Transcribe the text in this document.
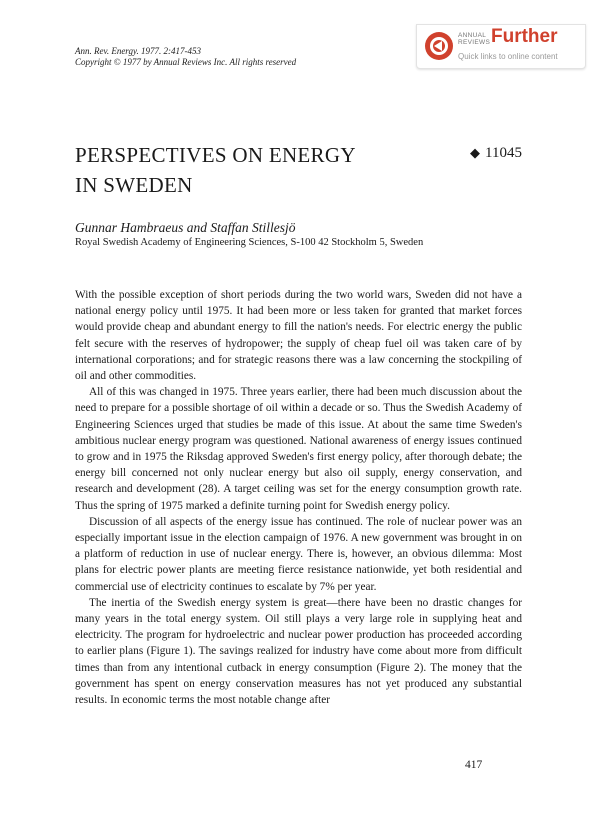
Ann. Rev. Energy. 1977. 2:417-453
Copyright © 1977 by Annual Reviews Inc. All rights reserved
ANNUAL
REVIEWS Further
Quick links to online content
PERSPECTIVES ON ENERGY
IN SWEDEN
◆ 11045
Gunnar Hambraeus and Staffan Stillesjö
Royal Swedish Academy of Engineering Sciences, S-100 42 Stockholm 5, Sweden

With the possible exception of short periods during the two world wars, Sweden did not have a national energy policy until 1975. It had been more or less taken for granted that market forces would provide cheap and abundant energy to fill the nation's needs. For electric energy the public felt secure with the reserves of hydropower; the supply of cheap fuel oil was taken care of by international corporations; and for strategic reasons there was a law concerning the stockpiling of oil and other commodities.

All of this was changed in 1975. Three years earlier, there had been much discussion about the need to prepare for a possible shortage of oil within a decade or so. Thus the Swedish Academy of Engineering Sciences urged that studies be made of this issue. At about the same time Sweden's ambitious nuclear energy program was questioned. National awareness of energy issues continued to grow and in 1975 the Riksdag approved Sweden's first energy policy, after thorough debate; the energy bill concerned not only nuclear energy but also oil supply, energy conservation, and research and development (28). A target ceiling was set for the energy consumption growth rate. Thus the spring of 1975 marked a definite turning point for Swedish energy policy.

Discussion of all aspects of the energy issue has continued. The role of nuclear power was an especially important issue in the election campaign of 1976. A new government was brought in on a platform of reduction in use of nuclear energy. There is, however, an obvious dilemma: Most plans for electric power plants are meeting fierce resistance nationwide, yet both residential and commercial use of electricity continues to escalate by 7% per year.

The inertia of the Swedish energy system is great—there have been no drastic changes for many years in the total energy system. Oil still plays a very large role in supplying heat and electricity. The program for hydroelectric and nuclear power production has proceeded according to earlier plans (Figure 1). The savings realized for industry have come about more from difficult times than from any intentional cutback in energy consumption (Figure 2). The money that the government has spent on energy conservation measures has not yet produced any substantial results. In economic terms the most notable change after

417
